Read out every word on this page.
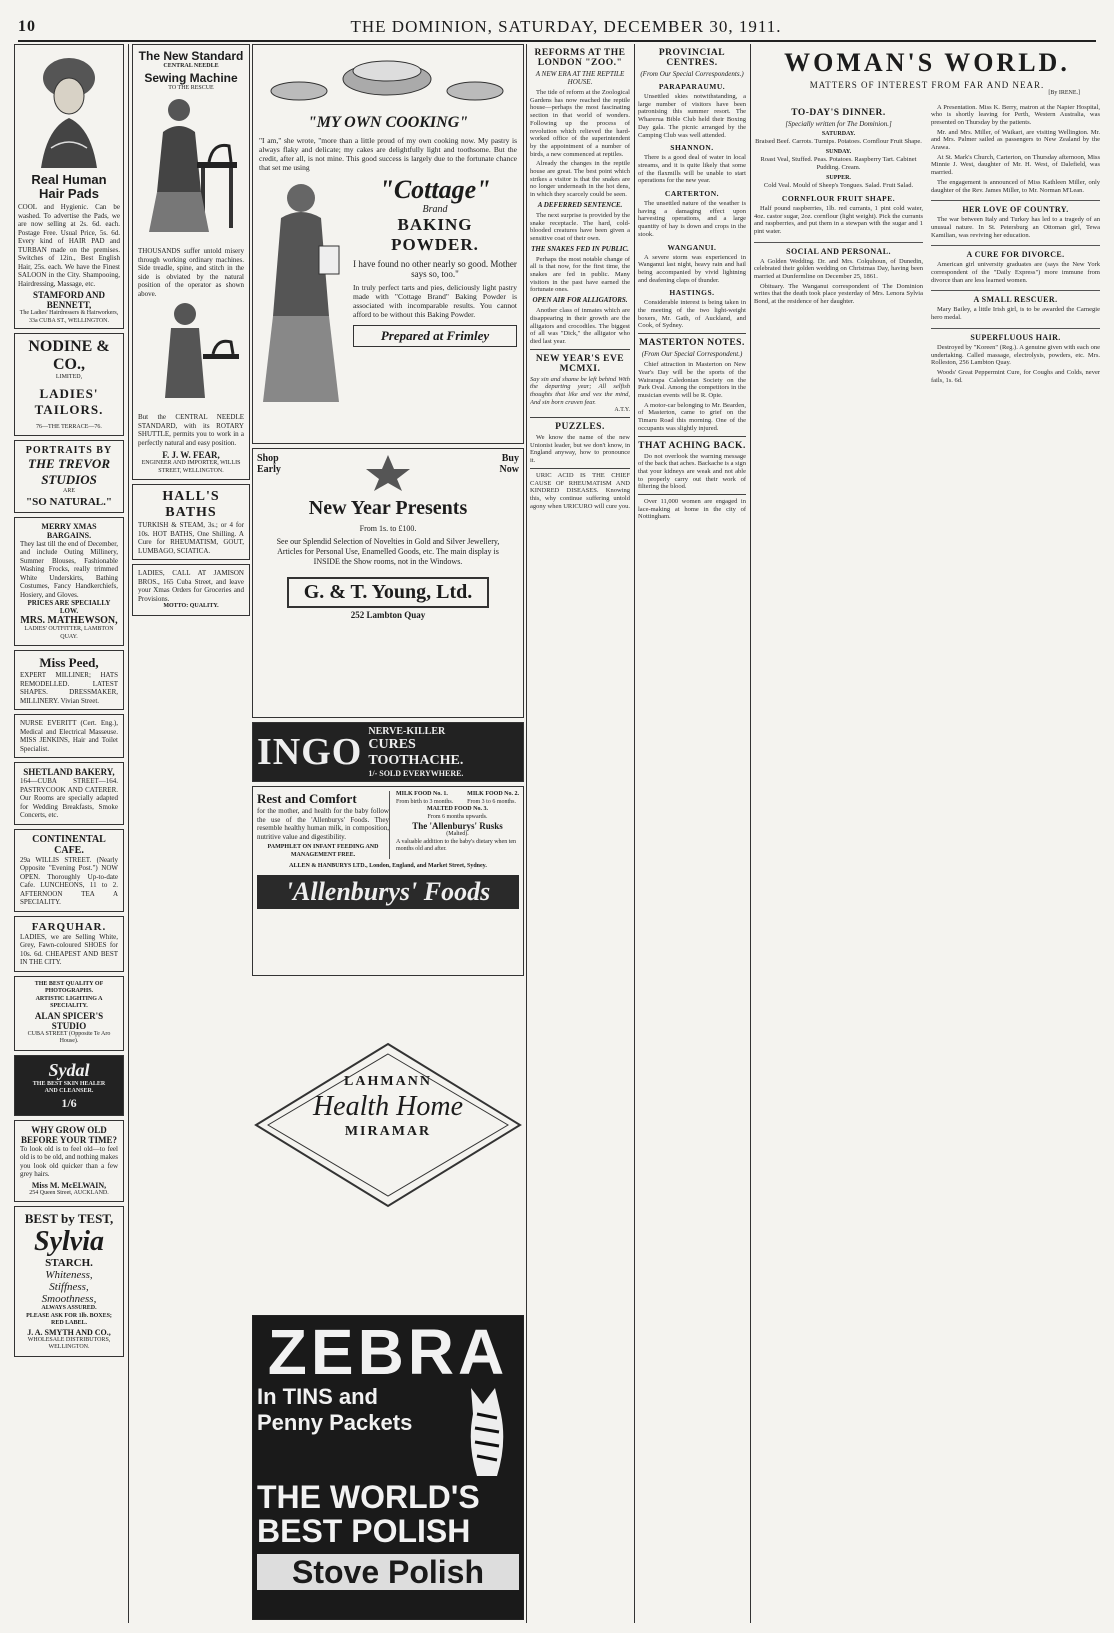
10	THE DOMINION, SATURDAY, DECEMBER 30, 1911.
Real Human Hair Pads
COOL and Hygienic. Can be washed. To advertise the Pads, we are now selling at 2s. 6d. each. Postage Free. Usual Price, 5s. 6d. Every kind of HAIR PAD and TURBAN made on the premises. Switches of 12in., Best English Hair, 25s. each. We have the Finest SALOON in the City. Shampooing, Hairdressing, Massage, etc.
STAMFORD AND BENNETT,
The Ladies' Hairdressers & Hairworkers, 33a CUBA ST., WELLINGTON.
NODINE & CO.,
LIMITED,
LADIES'
TAILORS.
76—THE TERRACE—76.
PORTRAITS BY
THE TREVOR STUDIOS
ARE
"SO NATURAL."
MERRY XMAS BARGAINS.
They last till the end of December, and include Outing Millinery, Summer Blouses, Fashionable Washing Frocks, really trimmed White Underskirts, Bathing Costumes, Fancy Handkerchiefs, Hosiery, and Gloves.
PRICES ARE SPECIALLY LOW.
MRS. MATHEWSON,
LADIES' OUTFITTER, LAMBTON QUAY.
Miss Peed,
EXPERT MILLINER; HATS REMODELLED. LATEST SHAPES. DRESSMAKER, MILLINERY. Vivian Street.
NURSE EVERITT (Cert. Eng.), Medical and Electrical Masseuse. MISS JENKINS, Hair and Toilet Specialist.
SHETLAND BAKERY,
164—CUBA STREET—164. PASTRYCOOK AND CATERER. Our Rooms are specially adapted for Wedding Breakfasts, Smoke Concerts, etc.
CONTINENTAL CAFE.
29a WILLIS STREET. (Nearly Opposite "Evening Post.") NOW OPEN. Thoroughly Up-to-date Cafe. LUNCHEONS, 11 to 2. AFTERNOON TEA A SPECIALITY.
FARQUHAR.
LADIES, we are Selling White, Grey, Fawn-coloured SHOES for 10s. 6d. CHEAPEST AND BEST IN THE CITY.
THE BEST QUALITY OF PHOTOGRAPHS.
ARTISTIC LIGHTING A SPECIALITY.
ALAN SPICER'S STUDIO
CUBA STREET (Opposite Te Aro House).
Sydal
THE BEST SKIN HEALER
AND CLEANSER.
1/6
WHY GROW OLD BEFORE YOUR TIME?
To look old is to feel old—to feel old is to be old, and nothing makes you look old quicker than a few grey hairs.
Miss M. McELWAIN,
254 Queen Street, AUCKLAND.
BEST by TEST,
Sylvia
STARCH.
Whiteness,
Stiffness,
Smoothness,
ALWAYS ASSURED.
PLEASE ASK FOR 1lb. BOXES; RED LABEL.
J. A. SMYTH AND CO.,
WHOLESALE DISTRIBUTORS, WELLINGTON.
The New Standard
CENTRAL NEEDLE
Sewing Machine
TO THE RESCUE
THOUSANDS suffer untold misery through working ordinary machines. Side treadle, spine, and stitch in the side is obviated by the natural position of the operator as shown above.
But the CENTRAL NEEDLE STANDARD, with its ROTARY SHUTTLE, permits you to work in a perfectly natural and easy position.
F. J. W. FEAR,
ENGINEER AND IMPORTER, WILLIS STREET, WELLINGTON.
HALL'S BATHS
TURKISH & STEAM, 3s.; or 4 for 10s. HOT BATHS, One Shilling. A Cure for RHEUMATISM, GOUT, LUMBAGO, SCIATICA.
LADIES, CALL AT JAMISON BROS., 165 Cuba Street, and leave your Xmas Orders for Groceries and Provisions.
MOTTO: QUALITY.
"MY OWN COOKING"
"I am," she wrote, "more than a little proud of my own cooking now. My pastry is always flaky and delicate; my cakes are delightfully light and toothsome. But the credit, after all, is not mine. This good success is largely due to the fortunate chance that set me using
"Cottage"
Brand
BAKING POWDER.
I have found no other nearly so good. Mother says so, too."
In truly perfect tarts and pies, deliciously light pastry made with "Cottage Brand" Baking Powder is associated with incomparable results. You cannot afford to be without this Baking Powder.
Prepared at Frimley
Shop Early
Buy Now
New Year Presents
From 1s. to £100.
See our Splendid Selection of Novelties in Gold and Silver Jewellery, Articles for Personal Use, Enamelled Goods, etc. The main display is INSIDE the Show rooms, not in the Windows.
G. & T. Young, Ltd.
252 Lambton Quay
INGO NERVE-KILLER
CURES
TOOTHACHE.
1/- SOLD EVERYWHERE.
Rest and Comfort
for the mother, and health for the baby follow the use of the 'Allenburys' Foods. They resemble healthy human milk, in composition, nutritive value and digestibility.
PAMPHLET ON INFANT FEEDING AND MANAGEMENT FREE.
MILK FOOD No. 1.
From birth to 3 months.
MILK FOOD No. 2.
From 3 to 6 months.
MALTED FOOD No. 3.
From 6 months upwards.
The 'Allenburys' Rusks
(Malted).
A valuable addition to the baby's dietary when ten months old and after.
ALLEN & HANBURYS LTD., London, England, and Market Street, Sydney.
'Allenburys' Foods
LAHMANN
Health Home
MIRAMAR
ZEBRA
In TINS and
Penny Packets
THE WORLD'S
BEST POLISH
Stove Polish
REFORMS AT THE LONDON "ZOO."
A NEW ERA AT THE REPTILE HOUSE.

The tide of reform at the Zoological Gardens has now reached the reptile house—perhaps the most fascinating section in that world of wonders. Following up the process of revolution which relieved the hard-worked office of the superintendent by the appointment of a number of birds, a new commenced at reptiles.

Already the changes in the reptile house are great. The best point which strikes a visitor is that the snakes are no longer underneath in the hot dens, in which they scarcely could be seen.

A DEFERRED SENTENCE.

The next surprise is provided by the snake receptacle. The hard, cold-blooded creatures have been given a sensitive coat of their own.

THE SNAKES FED IN PUBLIC.

Perhaps the most notable change of all is that now, for the first time, the snakes are fed in public. Many visitors in the past have earned the fortunate ones.

OPEN AIR FOR ALLIGATORS.

Another class of inmates which are disappearing in their growth are the alligators and crocodiles. The biggest of all was "Dick," the alligator who died last year.

NEW YEAR'S EVE MCMXI.
Say sin and shame be left behind With the departing year; All selfish thoughts that like and vex the mind, And sin born craven fear.
A.T.Y.
PUZZLES.

We know the name of the new Unionist leader, but we don't know, in England anyway, how to pronounce it.

URIC ACID IS THE CHIEF CAUSE OF RHEUMATISM AND KINDRED DISEASES. Knowing this, why continue suffering untold agony when URICURO will cure you.

PROVINCIAL CENTRES.
(From Our Special Correspondents.)
PARAPARAUMU.

Unsettled skies notwithstanding, a large number of visitors have been patronising this summer resort. The Wharerua Bible Club held their Boxing Day gala. The picnic arranged by the Camping Club was well attended.

SHANNON.

There is a good deal of water in local streams, and it is quite likely that some of the flaxmills will be unable to start operations for the new year.

CARTERTON.

The unsettled nature of the weather is having a damaging effect upon harvesting operations, and a large quantity of hay is down and crops in the stook.

WANGANUI.

A severe storm was experienced in Wanganui last night, heavy rain and hail being accompanied by vivid lightning and deafening claps of thunder.

HASTINGS.

Considerable interest is being taken in the meeting of the two light-weight boxers, Mr. Gath, of Auckland, and Cook, of Sydney.

MASTERTON NOTES.
(From Our Special Correspondent.)

Chief attraction in Masterton on New Year's Day will be the sports of the Wairarapa Caledonian Society on the Park Oval. Among the competitors in the musician events will be R. Opie.

A motor-car belonging to Mr. Bearden, of Masterton, came to grief on the Timaru Road this morning. One of the occupants was slightly injured.

THAT ACHING BACK.

Do not overlook the warning message of the back that aches. Backache is a sign that your kidneys are weak and not able to properly carry out their work of filtering the blood.

Over 11,000 women are engaged in lace-making at home in the city of Nottingham.

WOMAN'S WORLD.
MATTERS OF INTEREST FROM FAR AND NEAR.
[By IRENE.]
TO-DAY'S DINNER.
[Specially written for The Dominion.]
SATURDAY.
Braised Beef. Carrots. Turnips. Potatoes. Cornflour Fruit Shape.
SUNDAY.
Roast Veal, Stuffed. Peas. Potatoes. Raspberry Tart. Cabinet Pudding. Cream.
SUPPER.
Cold Veal. Mould of Sheep's Tongues. Salad. Fruit Salad.
CORNFLOUR FRUIT SHAPE.

Half pound raspberries, 1lb. red currants, 1 pint cold water, 4oz. castor sugar, 2oz. cornflour (light weight). Pick the currants and raspberries, and put them in a stewpan with the sugar and 1 pint water.

SOCIAL AND PERSONAL.

A Golden Wedding. Dr. and Mrs. Colquhoun, of Dunedin, celebrated their golden wedding on Christmas Day, having been married at Dunfermline on December 25, 1861.

Obituary. The Wanganui correspondent of The Dominion writes that the death took place yesterday of Mrs. Lenora Sylvia Bond, at the residence of her daughter.

A Presentation. Miss K. Berry, matron at the Napier Hospital, who is shortly leaving for Perth, Western Australia, was presented on Thursday by the patients.

Mr. and Mrs. Miller, of Waikari, are visiting Wellington. Mr. and Mrs. Palmer sailed as passengers to New Zealand by the Arawa.

At St. Mark's Church, Carterton, on Thursday afternoon, Miss Minnie J. West, daughter of Mr. H. West, of Dalefield, was married.

The engagement is announced of Miss Kathleen Miller, only daughter of the Rev. James Miller, to Mr. Norman M'Lean.

HER LOVE OF COUNTRY.

The war between Italy and Turkey has led to a tragedy of an unusual nature. In St. Petersburg an Ottoman girl, Tewa Kamilian, was reviving her education.

A CURE FOR DIVORCE.

American girl university graduates are (says the New York correspondent of the "Daily Express") more immune from divorce than are less learned women.

A SMALL RESCUER.

Mary Bailey, a little Irish girl, is to be awarded the Carnegie hero medal.

SUPERFLUOUS HAIR.

Destroyed by "Koreen" (Reg.). A genuine given with each one undertaking. Called massage, electrolysis, powders, etc. Mrs. Rolleston, 256 Lambton Quay.

Woods' Great Peppermint Cure, for Coughs and Colds, never fails, 1s. 6d.
